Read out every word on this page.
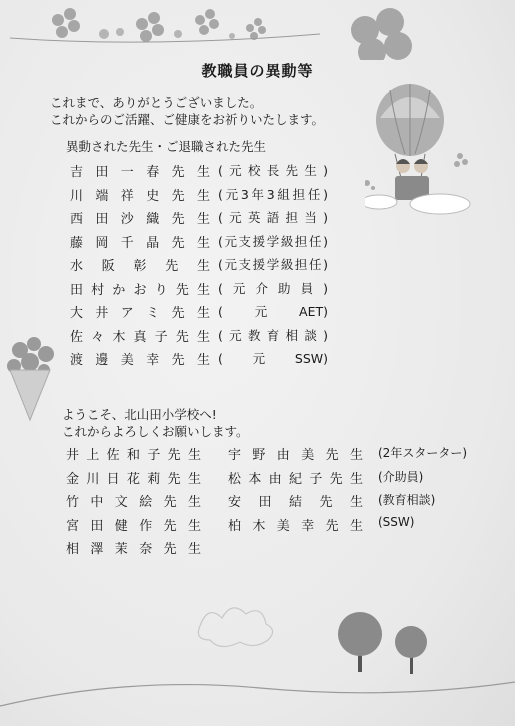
教職員の異動等
これまで、ありがとうございました。
これからのご活躍、ご健康をお祈りいたします。
異動された先生・ご退職された先生
吉田一春先生 (元校長先生)
川端祥史先生 (元3年3組担任)
西田沙織先生 (元英語担当)
藤岡千晶先生 (元支援学級担任)
水阪彰先生 (元支援学級担任)
田村かおり先生 (元介助員)
大井アミ先生 (元AET)
佐々木真子先生 (元教育相談)
渡邊美幸先生 (元SSW)
ようこそ、北山田小学校へ!
これからよろしくお願いします。
井上佐和子先生
金川日花莉先生
竹中文絵先生
宮田健作先生
相澤茉奈先生
宇野由美先生 (2年スターター)
松本由紀子先生 (介助員)
安田結先生 (教育相談)
柏木美幸先生 (SSW)
